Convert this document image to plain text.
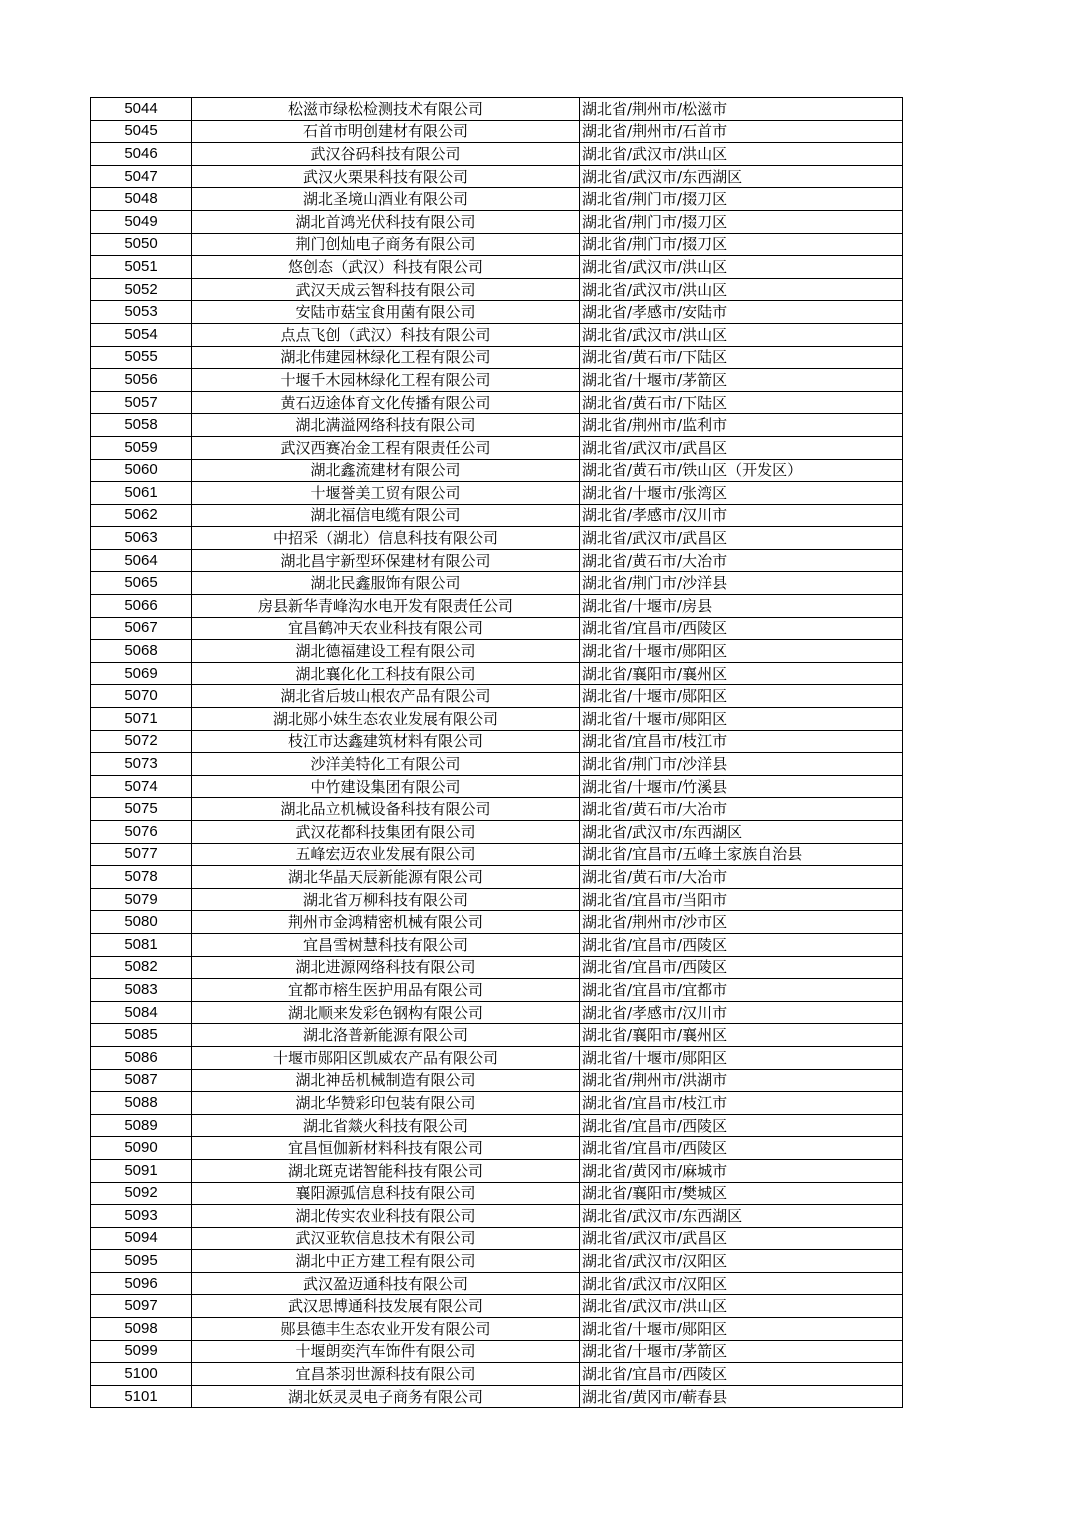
5044	松滋市绿松检测技术有限公司	湖北省/荆州市/松滋市
5045	石首市明创建材有限公司	湖北省/荆州市/石首市
5046	武汉谷码科技有限公司	湖北省/武汉市/洪山区
5047	武汉火栗果科技有限公司	湖北省/武汉市/东西湖区
5048	湖北圣境山酒业有限公司	湖北省/荆门市/掇刀区
5049	湖北首鸿光伏科技有限公司	湖北省/荆门市/掇刀区
5050	荆门创灿电子商务有限公司	湖北省/荆门市/掇刀区
5051	悠创态（武汉）科技有限公司	湖北省/武汉市/洪山区
5052	武汉天成云智科技有限公司	湖北省/武汉市/洪山区
5053	安陆市菇宝食用菌有限公司	湖北省/孝感市/安陆市
5054	点点飞创（武汉）科技有限公司	湖北省/武汉市/洪山区
5055	湖北伟建园林绿化工程有限公司	湖北省/黄石市/下陆区
5056	十堰千木园林绿化工程有限公司	湖北省/十堰市/茅箭区
5057	黄石迈途体育文化传播有限公司	湖北省/黄石市/下陆区
5058	湖北满溢网络科技有限公司	湖北省/荆州市/监利市
5059	武汉西赛冶金工程有限责任公司	湖北省/武汉市/武昌区
5060	湖北鑫流建材有限公司	湖北省/黄石市/铁山区（开发区）
5061	十堰誉美工贸有限公司	湖北省/十堰市/张湾区
5062	湖北福信电缆有限公司	湖北省/孝感市/汉川市
5063	中招采（湖北）信息科技有限公司	湖北省/武汉市/武昌区
5064	湖北昌宇新型环保建材有限公司	湖北省/黄石市/大冶市
5065	湖北民鑫服饰有限公司	湖北省/荆门市/沙洋县
5066	房县新华青峰沟水电开发有限责任公司	湖北省/十堰市/房县
5067	宜昌鹤冲天农业科技有限公司	湖北省/宜昌市/西陵区
5068	湖北德福建设工程有限公司	湖北省/十堰市/郧阳区
5069	湖北襄化化工科技有限公司	湖北省/襄阳市/襄州区
5070	湖北省后坡山根农产品有限公司	湖北省/十堰市/郧阳区
5071	湖北郧小妹生态农业发展有限公司	湖北省/十堰市/郧阳区
5072	枝江市达鑫建筑材料有限公司	湖北省/宜昌市/枝江市
5073	沙洋美特化工有限公司	湖北省/荆门市/沙洋县
5074	中竹建设集团有限公司	湖北省/十堰市/竹溪县
5075	湖北品立机械设备科技有限公司	湖北省/黄石市/大冶市
5076	武汉花都科技集团有限公司	湖北省/武汉市/东西湖区
5077	五峰宏迈农业发展有限公司	湖北省/宜昌市/五峰土家族自治县
5078	湖北华晶天辰新能源有限公司	湖北省/黄石市/大冶市
5079	湖北省万柳科技有限公司	湖北省/宜昌市/当阳市
5080	荆州市金鸿精密机械有限公司	湖北省/荆州市/沙市区
5081	宜昌雪树慧科技有限公司	湖北省/宜昌市/西陵区
5082	湖北进源网络科技有限公司	湖北省/宜昌市/西陵区
5083	宜都市榕生医护用品有限公司	湖北省/宜昌市/宜都市
5084	湖北顺来发彩色钢构有限公司	湖北省/孝感市/汉川市
5085	湖北洛普新能源有限公司	湖北省/襄阳市/襄州区
5086	十堰市郧阳区凯威农产品有限公司	湖北省/十堰市/郧阳区
5087	湖北神岳机械制造有限公司	湖北省/荆州市/洪湖市
5088	湖北华赞彩印包装有限公司	湖北省/宜昌市/枝江市
5089	湖北省燚火科技有限公司	湖北省/宜昌市/西陵区
5090	宜昌恒伽新材料科技有限公司	湖北省/宜昌市/西陵区
5091	湖北斑克诺智能科技有限公司	湖北省/黄冈市/麻城市
5092	襄阳源弧信息科技有限公司	湖北省/襄阳市/樊城区
5093	湖北传实农业科技有限公司	湖北省/武汉市/东西湖区
5094	武汉亚软信息技术有限公司	湖北省/武汉市/武昌区
5095	湖北中正方建工程有限公司	湖北省/武汉市/汉阳区
5096	武汉盈迈通科技有限公司	湖北省/武汉市/汉阳区
5097	武汉思博通科技发展有限公司	湖北省/武汉市/洪山区
5098	郧县德丰生态农业开发有限公司	湖北省/十堰市/郧阳区
5099	十堰朗奕汽车饰件有限公司	湖北省/十堰市/茅箭区
5100	宜昌茶羽世源科技有限公司	湖北省/宜昌市/西陵区
5101	湖北妖灵灵电子商务有限公司	湖北省/黄冈市/蕲春县
